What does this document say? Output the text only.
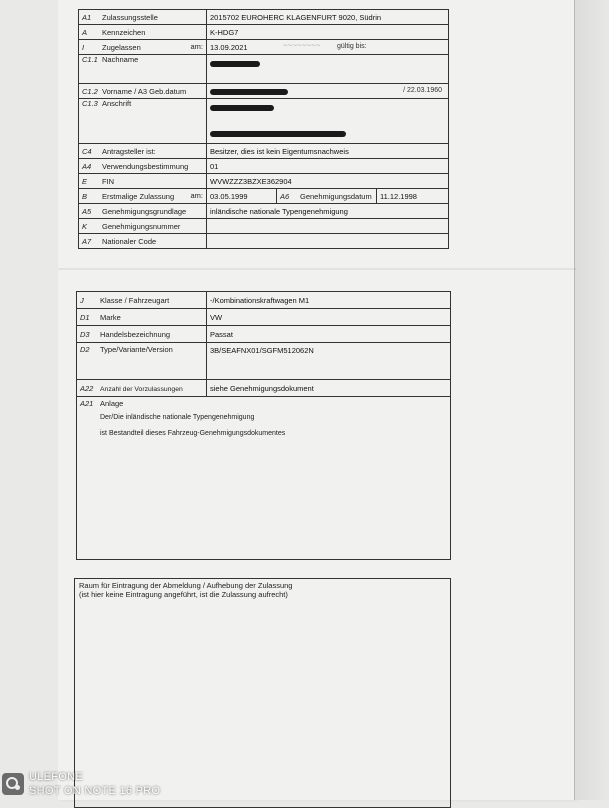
A1 Zulassungsstelle	2015702 EUROHERC KLAGENFURT 9020, Südrin		
A Kennzeichen	K-HDG7		
I Zugelassen am:	13.09.2021 ~~~~~~~~ gültig bis:		

C1.1 Nachname			
C1.2 Vorname / A3 Geb.datum	/ 22.03.1960		

C1.3 Anschrift			

C4 Antragsteller ist:	Besitzer, dies ist kein Eigentumsnachweis		
A4 Verwendungsbestimmung	01		
E FIN	WVWZZZ3BZXE362904		
B Erstmalige Zulassung am:	03.05.1999	A6 Genehmigungsdatum	11.12.1998
A5 Genehmigungsgrundlage	inländische nationale Typengenehmigung		
K Genehmigungsnummer			
A7 Nationaler Code			
J Klasse / Fahrzeugart	-/Kombinationskraftwagen M1
D1 Marke	VW
D3 Handelsbezeichnung	Passat
D2 Type/Variante/Version	3B/SEAFNX01/SGFM512062N
A22 Anzahl der Vorzulassungen	siehe Genehmigungsdokument

A21 Anlage
Der/Die inländische nationale Typengenehmigung
ist Bestandteil dieses Fahrzeug-Genehmigungsdokumentes	
Raum für Eintragung der Abmeldung / Aufhebung der Zulassung
(ist hier keine Eintragung angeführt, ist die Zulassung aufrecht)
ULEFONE
SHOT ON NOTE 16 PRO
